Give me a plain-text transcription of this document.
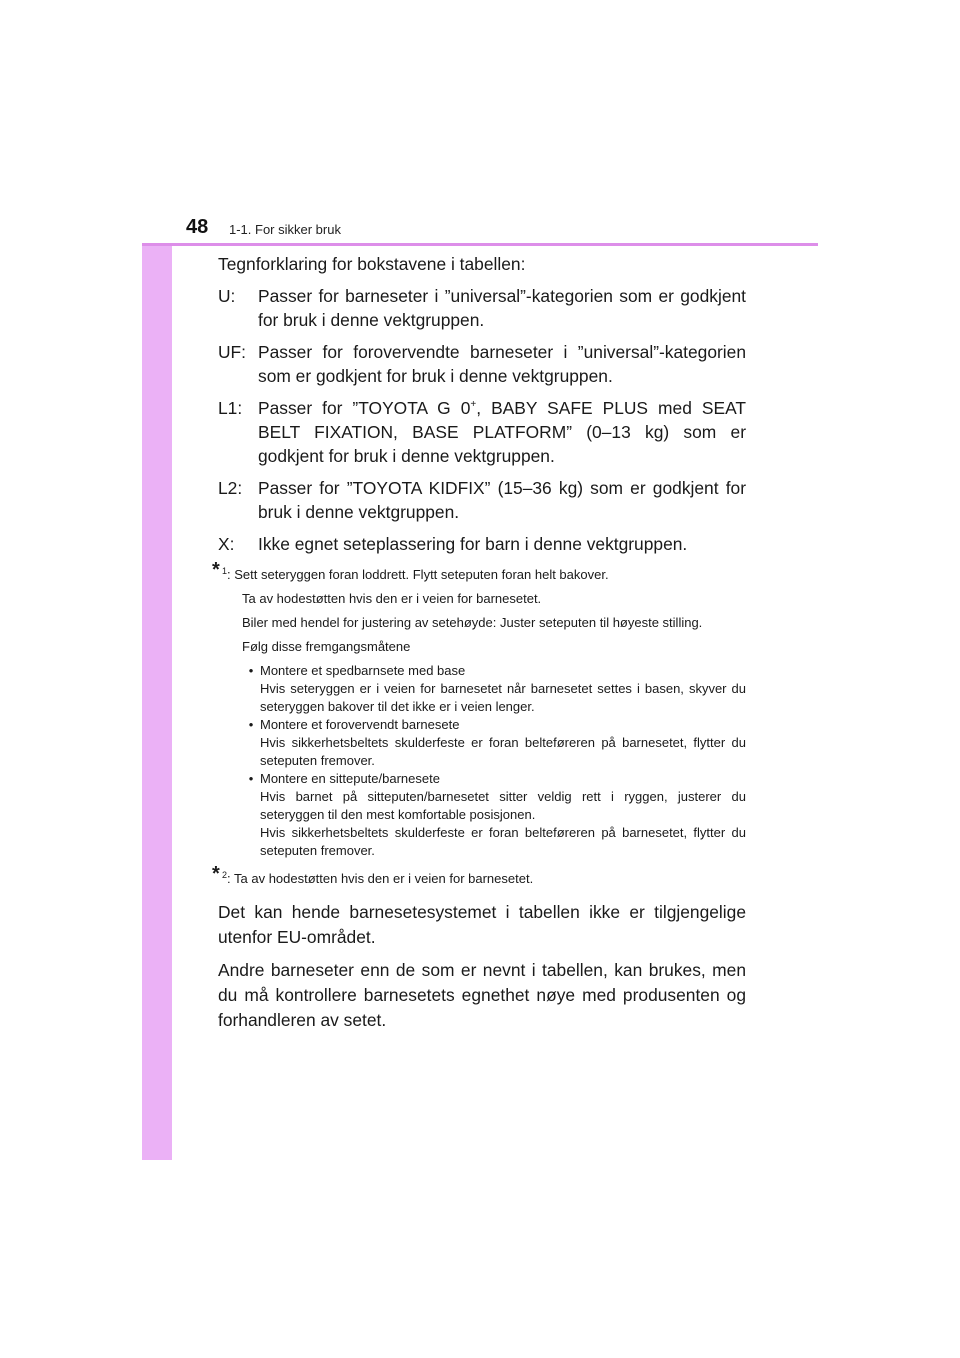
48 1-1. For sikker bruk

Tegnforklaring for bokstavene i tabellen:

U:	Passer for barneseter i ”universal”-kategorien som er godkjent for bruk i denne vektgruppen.
UF: Passer for forovervendte barneseter i ”universal”-kategorien som er godkjent for bruk i denne vektgruppen.
L1: Passer for ”TOYOTA G 0+, BABY SAFE PLUS med SEAT BELT FIXATION, BASE PLATFORM” (0–13 kg) som er godkjent for bruk i denne vektgruppen.
L2: Passer for ”TOYOTA KIDFIX” (15–36 kg) som er godkjent for bruk i denne vektgruppen.
X:	Ikke egnet seteplassering for barn i denne vektgruppen.
* $^1$: Sett seteryggen foran loddrett. Flytt seteputen foran helt bakover.
Ta av hodestøtten hvis den er i veien for barnesetet.
Biler med hendel for justering av setehøyde: Juster seteputen til høyeste stilling.
Følg disse fremgangsmåtene
• Montere et spedbarnsete med base
Hvis seteryggen er i veien for barnesetet når barnesetet settes i basen, skyver du seteryggen bakover til det ikke er i veien lenger.
• Montere et forovervendt barnesete
Hvis sikkerhetsbeltets skulderfeste er foran belteføreren på barnesetet, flytter du seteputen fremover.
• Montere en sittepute/barnesete
Hvis barnet på sitteputen/barnesetet sitter veldig rett i ryggen, justerer du seteryggen til den mest komfortable posisjonen.
Hvis sikkerhetsbeltets skulderfeste er foran belteføreren på barnesetet, flytter du seteputen fremover.
* $^2$: Ta av hodestøtten hvis den er i veien for barnesetet.

Det kan hende barnesetesystemet i tabellen ikke er tilgjengelige utenfor EU-området.

Andre barneseter enn de som er nevnt i tabellen, kan brukes, men du må kontrollere barnesetets egnethet nøye med produsenten og forhandleren av setet.
